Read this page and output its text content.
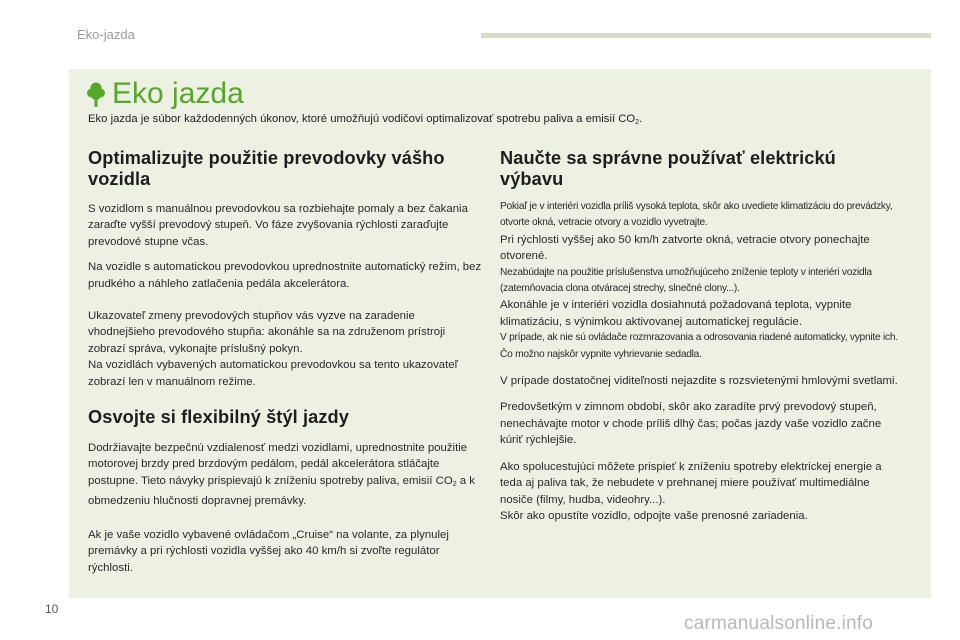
Eko-jazda
Eko jazda
Eko jazda je súbor každodenných úkonov, ktoré umožňujú vodičovi optimalizovať spotrebu paliva a emisií $CO_2$.
Optimalizujte použitie prevodovky vášho vozidla

S vozidlom s manuálnou prevodovkou sa rozbiehajte pomaly a bez čakania zaraďte vyšší prevodový stupeň. Vo fáze zvyšovania rýchlosti zaraďujte prevodové stupne včas.

Na vozidle s automatickou prevodovkou uprednostnite automatický režim, bez prudkého a náhleho zatlačenia pedála akcelerátora.

Ukazovateľ zmeny prevodových stupňov vás vyzve na zaradenie vhodnejšieho prevodového stupňa: akonáhle sa na združenom prístroji zobrazí správa, vykonajte príslušný pokyn.

Na vozidlách vybavených automatickou prevodovkou sa tento ukazovateľ zobrazí len v manuálnom režime.

Osvojte si flexibilný štýl jazdy

Dodržiavajte bezpečnú vzdialenosť medzi vozidlami, uprednostnite použitie motorovej brzdy pred brzdovým pedálom, pedál akcelerátora stláčajte postupne. Tieto návyky prispievajú k zníženiu spotreby paliva, emisií $CO_2$ a k obmedzeniu hlučnosti dopravnej premávky.

Ak je vaše vozidlo vybavené ovládačom „Cruise“ na volante, za plynulej premávky a pri rýchlosti vozidla vyššej ako 40 km/h si zvoľte regulátor rýchlosti.

Naučte sa správne používať elektrickú výbavu

Pokiaľ je v interiéri vozidla príliš vysoká teplota, skôr ako uvediete klimatizáciu do prevádzky, otvorte okná, vetracie otvory a vozidlo vyvetrajte.

Pri rýchlosti vyššej ako 50 km/h zatvorte okná, vetracie otvory ponechajte otvorené.

Nezabúdajte na použitie príslušenstva umožňujúceho zníženie teploty v interiéri vozidla (zatemňovacia clona otváracej strechy, slnečné clony...).

Akonáhle je v interiéri vozidla dosiahnutá požadovaná teplota, vypnite klimatizáciu, s výnimkou aktivovanej automatickej regulácie.

V prípade, ak nie sú ovládače rozmrazovania a odrosovania riadené automaticky, vypnite ich.

Čo možno najskôr vypnite vyhrievanie sedadla.

V prípade dostatočnej viditeľnosti nejazdite s rozsvietenými hmlovými svetlami.

Predovšetkým v zimnom období, skôr ako zaradíte prvý prevodový stupeň, nenechávajte motor v chode príliš dlhý čas; počas jazdy vaše vozidlo začne kúriť rýchlejšie.

Ako spolucestujúci môžete prispieť k zníženiu spotreby elektrickej energie a teda aj paliva tak, že nebudete v prehnanej miere používať multimediálne nosiče (filmy, hudba, videohry...).

Skôr ako opustíte vozidlo, odpojte vaše prenosné zariadenia.

10
carmanualsonline.info
